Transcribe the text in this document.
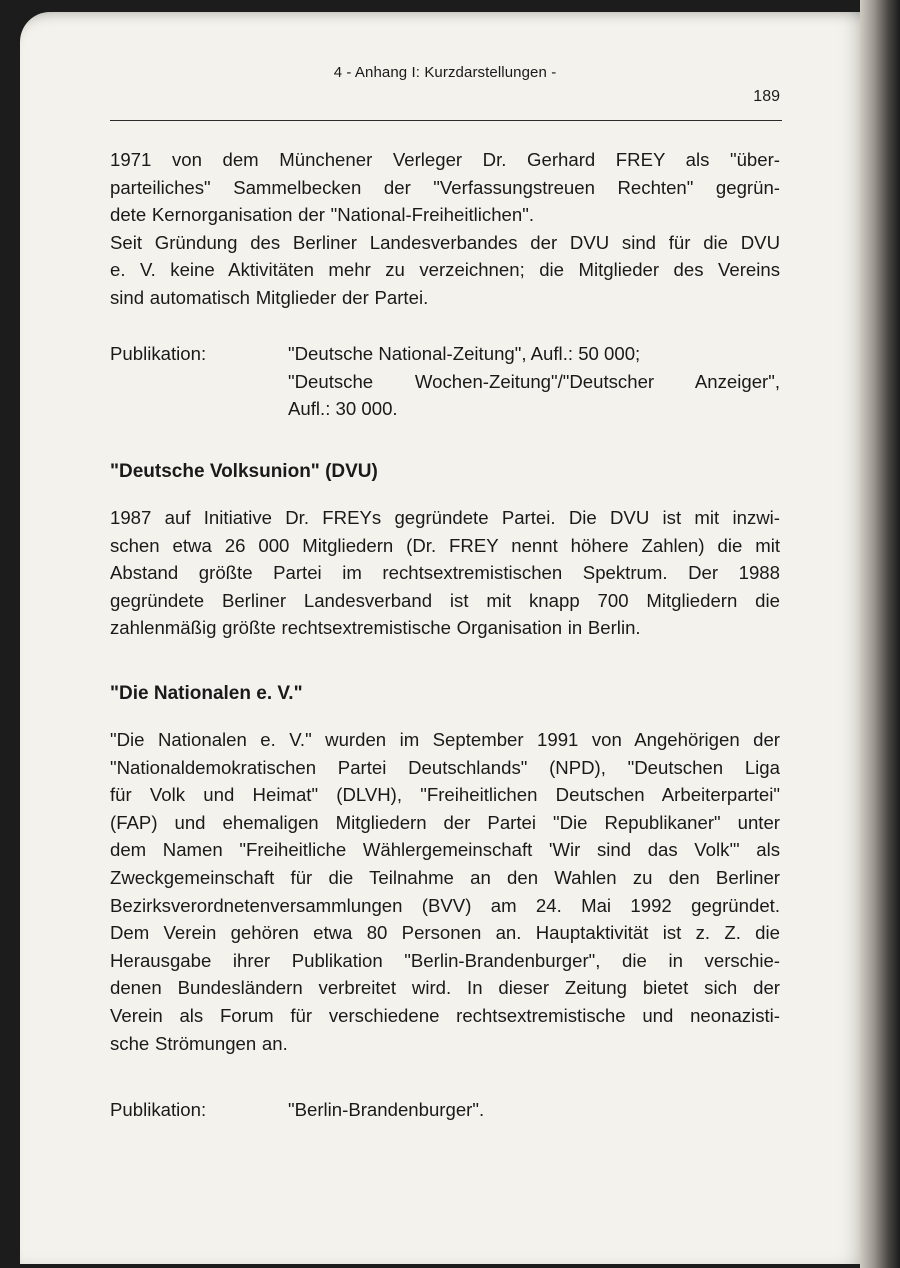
4 - Anhang I: Kurzdarstellungen -
189

1971 von dem Münchener Verleger Dr. Gerhard FREY als "über-
parteiliches" Sammelbecken der "Verfassungstreuen Rechten" gegrün-
dete Kernorganisation der "National-Freiheitlichen".
Seit Gründung des Berliner Landesverbandes der DVU sind für die DVU
e. V. keine Aktivitäten mehr zu verzeichnen; die Mitglieder des Vereins
sind automatisch Mitglieder der Partei.

Publikation:	"Deutsche National-Zeitung", Aufl.: 50 000;
"Deutsche Wochen-Zeitung"/"Deutscher Anzeiger",
Aufl.: 30 000.
"Deutsche Volksunion" (DVU)

1987 auf Initiative Dr. FREYs gegründete Partei. Die DVU ist mit inzwi-
schen etwa 26 000 Mitgliedern (Dr. FREY nennt höhere Zahlen) die mit
Abstand größte Partei im rechtsextremistischen Spektrum. Der 1988
gegründete Berliner Landesverband ist mit knapp 700 Mitgliedern die
zahlenmäßig größte rechtsextremistische Organisation in Berlin.

"Die Nationalen e. V."

"Die Nationalen e. V." wurden im September 1991 von Angehörigen der
"Nationaldemokratischen Partei Deutschlands" (NPD), "Deutschen Liga
für Volk und Heimat" (DLVH), "Freiheitlichen Deutschen Arbeiterpartei"
(FAP) und ehemaligen Mitgliedern der Partei "Die Republikaner" unter
dem Namen "Freiheitliche Wählergemeinschaft 'Wir sind das Volk'" als
Zweckgemeinschaft für die Teilnahme an den Wahlen zu den Berliner
Bezirksverordnetenversammlungen (BVV) am 24. Mai 1992 gegründet.
Dem Verein gehören etwa 80 Personen an. Hauptaktivität ist z. Z. die
Herausgabe ihrer Publikation "Berlin-Brandenburger", die in verschie-
denen Bundesländern verbreitet wird. In dieser Zeitung bietet sich der
Verein als Forum für verschiedene rechtsextremistische und neonazisti-
sche Strömungen an.

Publikation:	"Berlin-Brandenburger".
